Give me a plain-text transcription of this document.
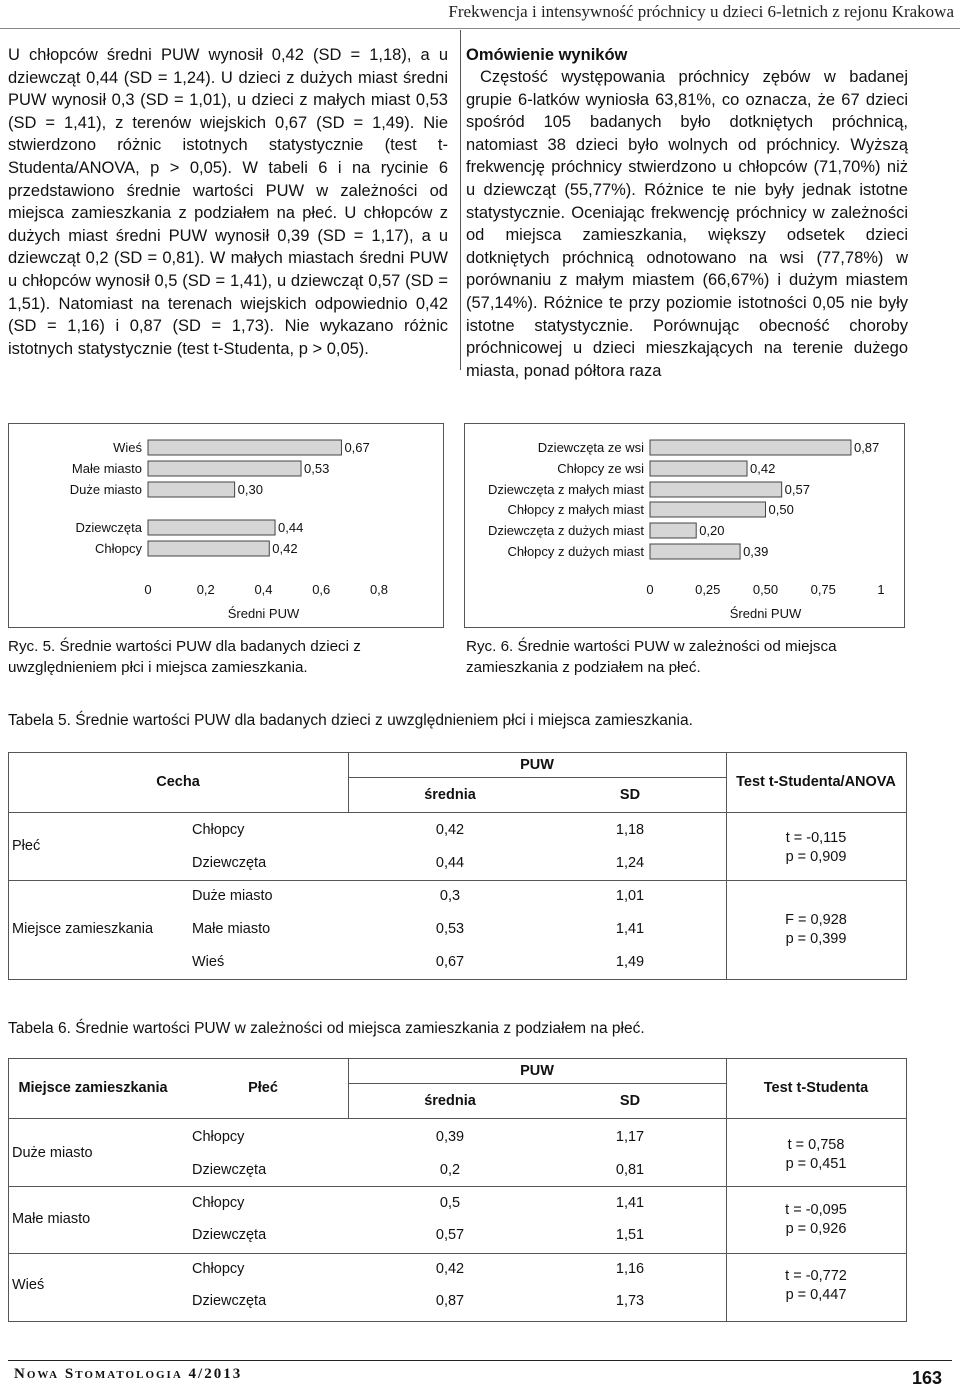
Frekwencja i intensywność próchnicy u dzieci 6-letnich z rejonu Krakowa

U chłopców średni PUW wynosił 0,42 (SD = 1,18), a u dziewcząt 0,44 (SD = 1,24). U dzieci z dużych miast średni PUW wynosił 0,3 (SD = 1,01), u dzieci z małych miast 0,53 (SD = 1,41), z terenów wiejskich 0,67 (SD = 1,49). Nie stwierdzono różnic istotnych statystycznie (test t-Studenta/ANOVA, p > 0,05). W tabeli 6 i na rycinie 6 przedstawiono średnie wartości PUW w zależności od miejsca zamieszkania z podziałem na płeć. U chłopców z dużych miast średni PUW wynosił 0,39 (SD = 1,17), a u dziewcząt 0,2 (SD = 0,81). W małych miastach średni PUW u chłopców wynosił 0,5 (SD = 1,41), u dziewcząt 0,57 (SD = 1,51). Natomiast na terenach wiejskich odpowiednio 0,42 (SD = 1,16) i 0,87 (SD = 1,73). Nie wykazano różnic istotnych statystycznie (test t-Studenta, p > 0,05).

Omówienie wyników

Częstość występowania próchnicy zębów w badanej grupie 6-latków wyniosła 63,81%, co oznacza, że 67 dzieci spośród 105 badanych było dotkniętych próchnicą, natomiast 38 dzieci było wolnych od próchnicy. Wyższą frekwencję próchnicy stwierdzono u chłopców (71,70%) niż u dziewcząt (55,77%). Różnice te nie były jednak istotne statystycznie. Oceniając frekwencję próchnicy w zależności od miejsca zamieszkania, większy odsetek dzieci dotkniętych próchnicą odnotowano na wsi (77,78%) w porównaniu z małym miastem (66,67%) i dużym miastem (57,14%). Różnice te przy poziomie istotności 0,05 nie były istotne statystycznie. Porównując obecność choroby próchnicowej u dzieci mieszkających na terenie dużego miasta, ponad półtora raza

Wieś	0,67
Małe miasto	0,53
Duże miasto	0,30
Dziewczęta	0,44
Chłopcy	0,42
0	0,2	0,4	0,6	0,8
Średni PUW
Ryc. 5. Średnie wartości PUW dla badanych dzieci z uwzględnieniem płci i miejsca zamieszkania.
Dziewczęta ze wsi	0,87
Chłopcy ze wsi	0,42
Dziewczęta z małych miast	0,57
Chłopcy z małych miast	0,50
Dziewczęta z dużych miast	0,20
Chłopcy z dużych miast	0,39
0	0,25 0,50 0,75	1
Średni PUW
Ryc. 6. Średnie wartości PUW w zależności od miejsca zamieszkania z podziałem na płeć.
Tabela 5. Średnie wartości PUW dla badanych dzieci z uwzględnieniem płci i miejsca zamieszkania.
Cecha
PUW
średnia	SD
Test t-Studenta/ANOVA
Płeć
Chłopcy	0,42	1,18
Dziewczęta	0,44	1,24
t = -0,115
p = 0,909
Miejsce zamieszkania
Duże miasto	0,3	1,01
Małe miasto	0,53	1,41
Wieś	0,67	1,49
F = 0,928
p = 0,399
Tabela 6. Średnie wartości PUW w zależności od miejsca zamieszkania z podziałem na płeć.
Miejsce zamieszkania	Płeć
PUW
średnia	SD
Test t-Studenta
Duże miasto
Chłopcy	0,39	1,17
Dziewczęta	0,2	0,81
t = 0,758
p = 0,451
Małe miasto
Chłopcy	0,5	1,41
Dziewczęta	0,57	1,51
t = -0,095
p = 0,926
Wieś
Chłopcy	0,42	1,16
Dziewczęta	0,87	1,73
t = -0,772
p = 0,447
Nowa Stomatologia 4/2013	163
